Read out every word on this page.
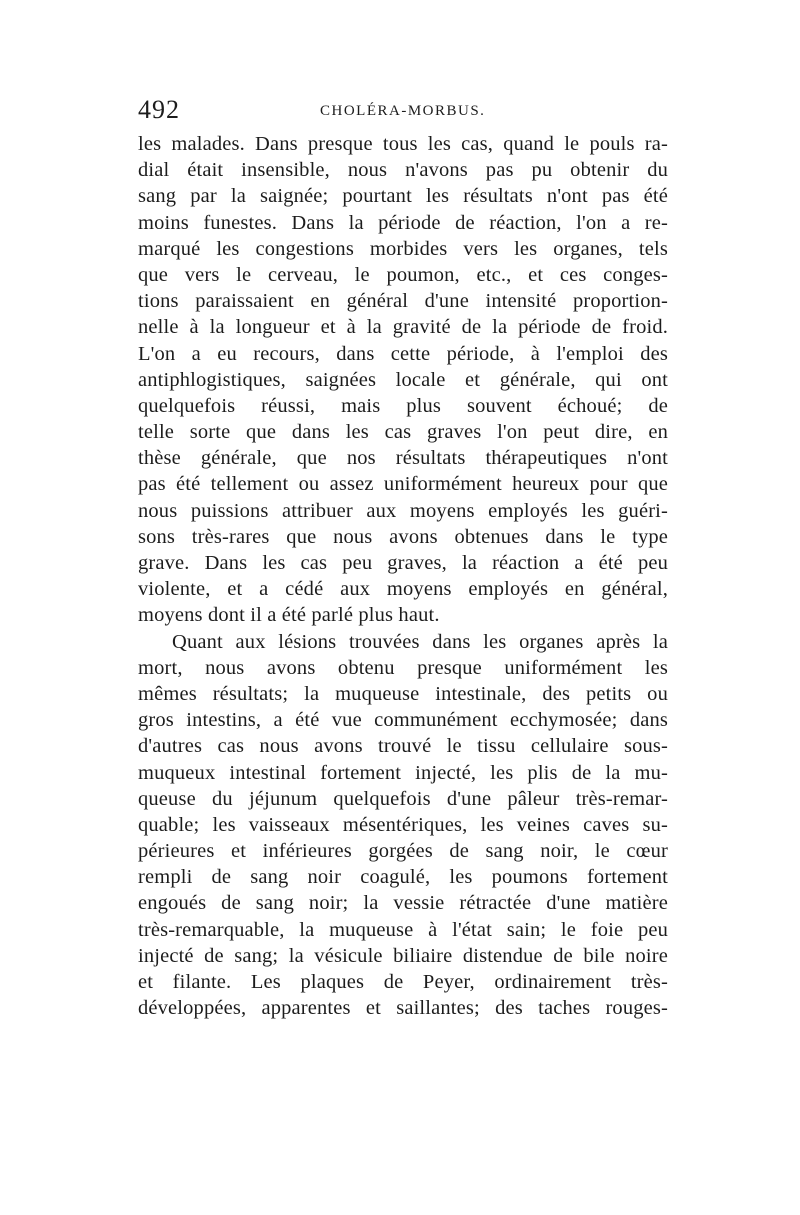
492	CHOLÉRA-MORBUS.
les malades. Dans presque tous les cas, quand le pouls ra-
dial était insensible, nous n'avons pas pu obtenir du
sang par la saignée; pourtant les résultats n'ont pas été
moins funestes. Dans la période de réaction, l'on a re-
marqué les congestions morbides vers les organes, tels
que vers le cerveau, le poumon, etc., et ces conges-
tions paraissaient en général d'une intensité proportion-
nelle à la longueur et à la gravité de la période de froid.
L'on a eu recours, dans cette période, à l'emploi des
antiphlogistiques, saignées locale et générale, qui ont
quelquefois réussi, mais plus souvent échoué; de
telle sorte que dans les cas graves l'on peut dire, en
thèse générale, que nos résultats thérapeutiques n'ont
pas été tellement ou assez uniformément heureux pour que
nous puissions attribuer aux moyens employés les guéri-
sons très-rares que nous avons obtenues dans le type
grave. Dans les cas peu graves, la réaction a été peu
violente, et a cédé aux moyens employés en général,
moyens dont il a été parlé plus haut.
Quant aux lésions trouvées dans les organes après la
mort, nous avons obtenu presque uniformément les
mêmes résultats; la muqueuse intestinale, des petits ou
gros intestins, a été vue communément ecchymosée; dans
d'autres cas nous avons trouvé le tissu cellulaire sous-
muqueux intestinal fortement injecté, les plis de la mu-
queuse du jéjunum quelquefois d'une pâleur très-remar-
quable; les vaisseaux mésentériques, les veines caves su-
périeures et inférieures gorgées de sang noir, le cœur
rempli de sang noir coagulé, les poumons fortement
engoués de sang noir; la vessie rétractée d'une matière
très-remarquable, la muqueuse à l'état sain; le foie peu
injecté de sang; la vésicule biliaire distendue de bile noire
et filante. Les plaques de Peyer, ordinairement très-
développées, apparentes et saillantes; des taches rouges-
